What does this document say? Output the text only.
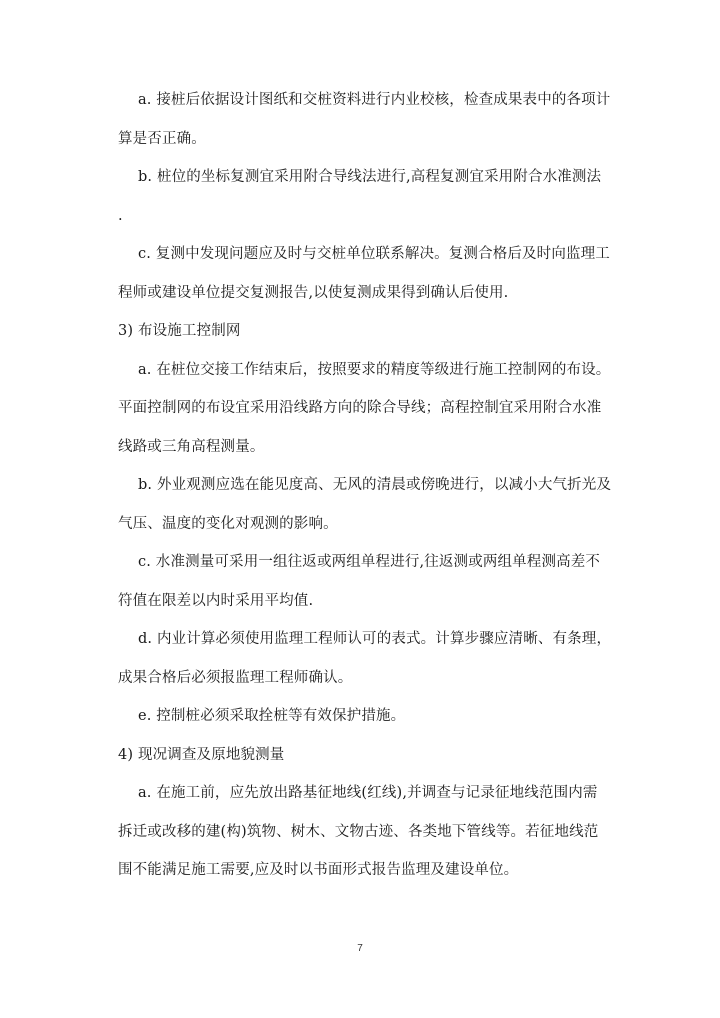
a. 接桩后依据设计图纸和交桩资料进行内业校核，检查成果表中的各项计

算是否正确。

b. 桩位的坐标复测宜采用附合导线法进行,高程复测宜采用附合水准测法

.

c. 复测中发现问题应及时与交桩单位联系解决。复测合格后及时向监理工

程师或建设单位提交复测报告,以使复测成果得到确认后使用.

3) 布设施工控制网

a. 在桩位交接工作结束后，按照要求的精度等级进行施工控制网的布设。

平面控制网的布设宜采用沿线路方向的除合导线；高程控制宜采用附合水准

线路或三角高程测量。

b. 外业观测应选在能见度高、无风的清晨或傍晚进行，以减小大气折光及

气压、温度的变化对观测的影响。

c. 水准测量可采用一组往返或两组单程进行,往返测或两组单程测高差不

符值在限差以内时采用平均值.

d. 内业计算必须使用监理工程师认可的表式。计算步骤应清晰、有条理，

成果合格后必须报监理工程师确认。

e. 控制桩必须采取拴桩等有效保护措施。

4) 现况调查及原地貌测量

a. 在施工前，应先放出路基征地线(红线),并调查与记录征地线范围内需

拆迁或改移的建(构)筑物、树木、文物古迹、各类地下管线等。若征地线范

围不能满足施工需要,应及时以书面形式报告监理及建设单位。

7
